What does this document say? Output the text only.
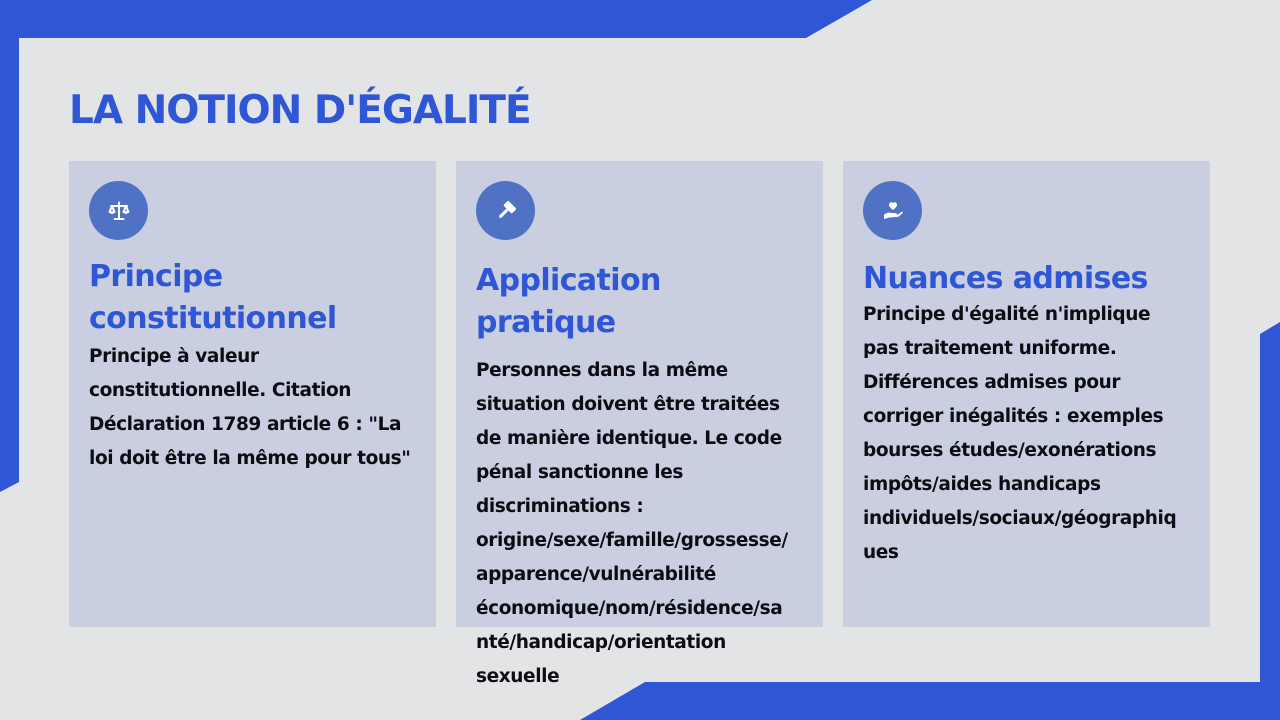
LA NOTION D'ÉGALITÉ
Principe constitutionnel

Principe à valeur constitutionnelle. Citation Déclaration 1789 article 6 : "La loi doit être la même pour tous"

Application pratique

Personnes dans la même situation doivent être traitées de manière identique. Le code pénal sanctionne les discriminations : origine/sexe/famille/grossesse/ apparence/vulnérabilité économique/nom/résidence/sa nté/handicap/orientation sexuelle

Nuances admises

Principe d'égalité n'implique pas traitement uniforme. Différences admises pour corriger inégalités : exemples bourses études/exonérations impôts/aides handicaps individuels/sociaux/géographiq ues
